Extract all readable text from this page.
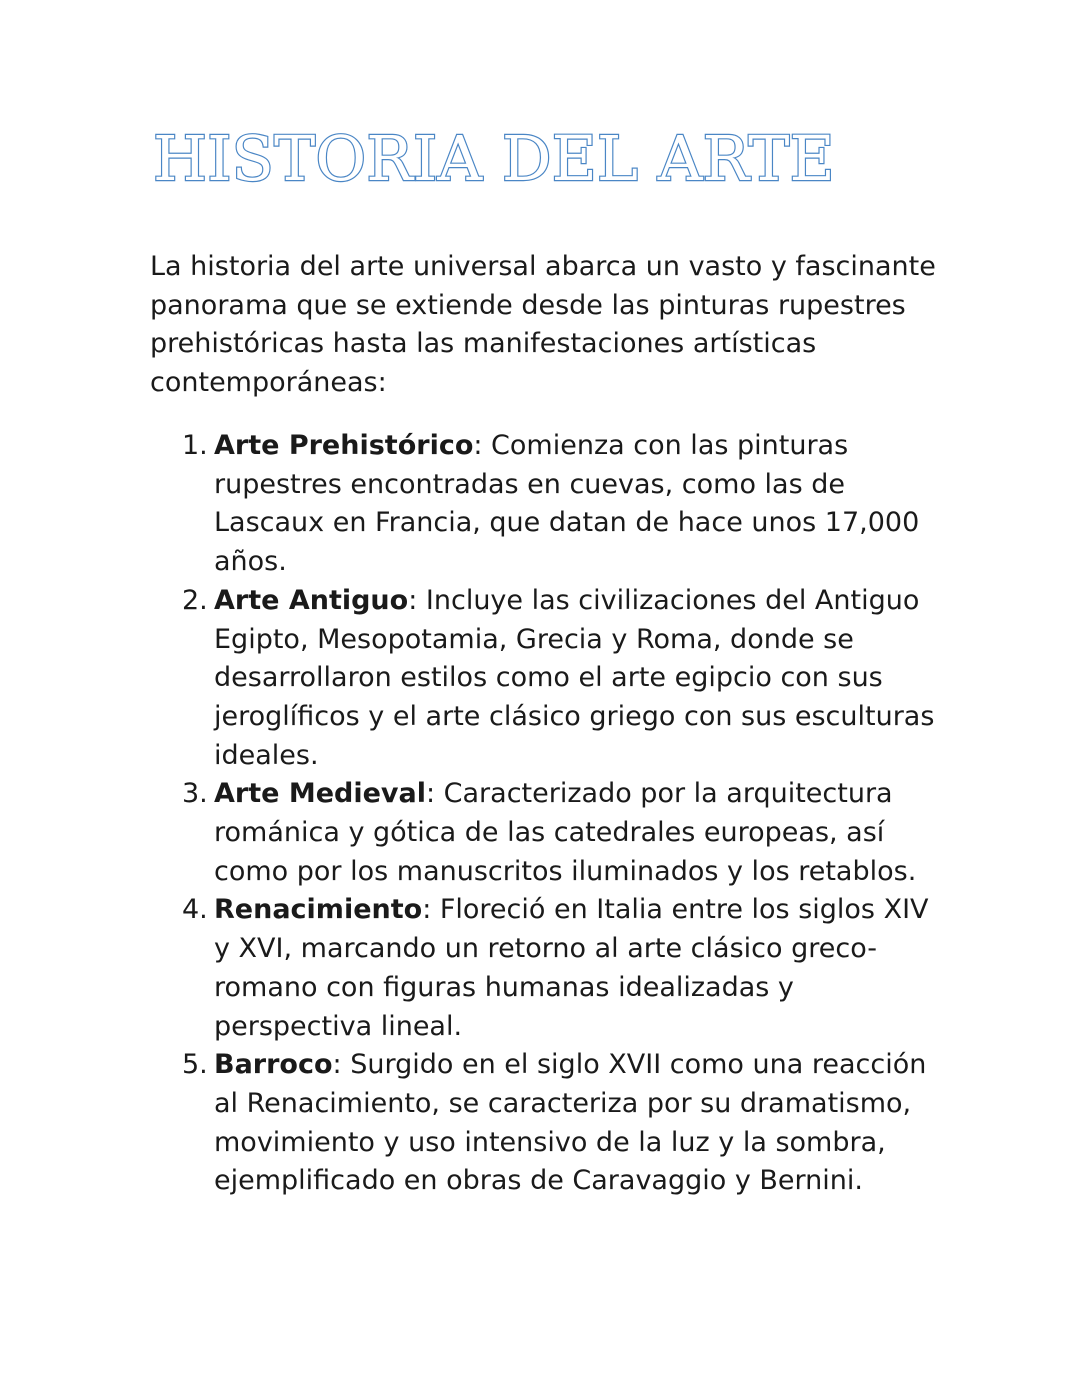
HISTORIA DEL ARTE

La historia del arte universal abarca un vasto y fascinante panorama que se extiende desde las pinturas rupestres prehistóricas hasta las manifestaciones artísticas contemporáneas:

1. Arte Prehistórico: Comienza con las pinturas rupestres encontradas en cuevas, como las de Lascaux en Francia, que datan de hace unos 17,000 años.
2. Arte Antiguo: Incluye las civilizaciones del Antiguo Egipto, Mesopotamia, Grecia y Roma, donde se desarrollaron estilos como el arte egipcio con sus jeroglíficos y el arte clásico griego con sus esculturas ideales.
3. Arte Medieval: Caracterizado por la arquitectura románica y gótica de las catedrales europeas, así como por los manuscritos iluminados y los retablos.
4. Renacimiento: Floreció en Italia entre los siglos XIV y XVI, marcando un retorno al arte clásico greco-romano con figuras humanas idealizadas y perspectiva lineal.
5. Barroco: Surgido en el siglo XVII como una reacción al Renacimiento, se caracteriza por su dramatismo, movimiento y uso intensivo de la luz y la sombra, ejemplificado en obras de Caravaggio y Bernini.
